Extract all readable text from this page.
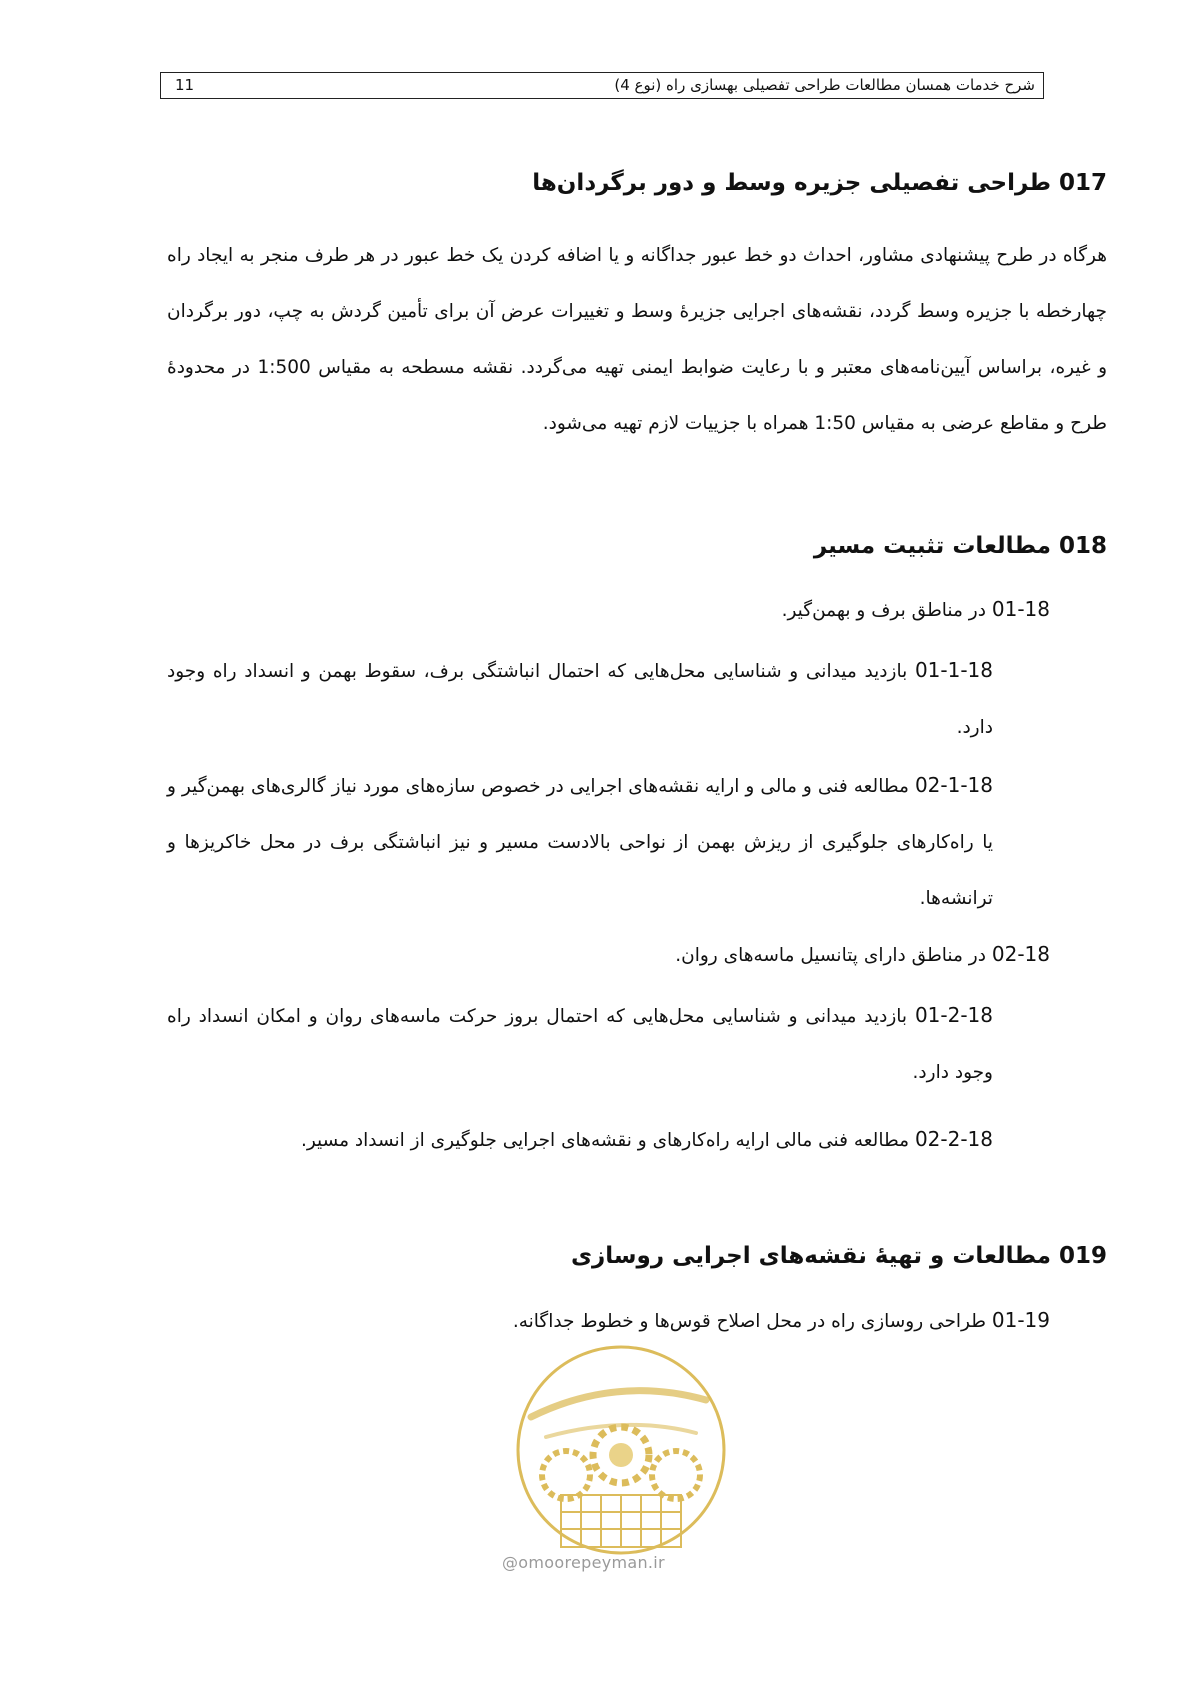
شرح خدمات همسان مطالعات طراحی تفصیلی بهسازی راه (نوع 4)
11
017 طراحی تفصیلی جزیره وسط و دور برگردان‌ها
هرگاه در طرح پیشنهادی مشاور، احداث دو خط عبور جداگانه و یا اضافه کردن یک خط عبور در هر طرف منجر به ایجاد راه چهارخطه با جزیره وسط گردد، نقشه‌های اجرایی جزیرهٔ وسط و تغییرات عرض آن برای تأمین گردش به چپ، دور برگردان و غیره، براساس آیین‌نامه‌های معتبر و با رعایت ضوابط ایمنی تهیه می‌گردد. نقشه مسطحه به مقیاس 1:500 در محدودهٔ طرح و مقاطع عرضی به مقیاس 1:50 همراه با جزییات لازم تهیه می‌شود.
018 مطالعات تثبیت مسیر
01-18 در مناطق برف و بهمن‌گیر.
01-1-18 بازدید میدانی و شناسایی محل‌هایی که احتمال انباشتگی برف، سقوط بهمن و انسداد راه وجود دارد.
02-1-18 مطالعه فنی و مالی و ارایه نقشه‌های اجرایی در خصوص سازه‌های مورد نیاز گالری‌های بهمن‌گیر و یا راه‌کارهای جلوگیری از ریزش بهمن از نواحی بالادست مسیر و نیز انباشتگی برف در محل خاکریزها و ترانشه‌ها.
02-18 در مناطق دارای پتانسیل ماسه‌های روان.
01-2-18 بازدید میدانی و شناسایی محل‌هایی که احتمال بروز حرکت ماسه‌های روان و امکان انسداد راه وجود دارد.
02-2-18 مطالعه فنی مالی ارایه راه‌کارهای و نقشه‌های اجرایی جلوگیری از انسداد مسیر.
019 مطالعات و تهیهٔ نقشه‌های اجرایی روسازی
01-19 طراحی روسازی راه در محل اصلاح قوس‌ها و خطوط جداگانه.
@omoorepeyman.ir
